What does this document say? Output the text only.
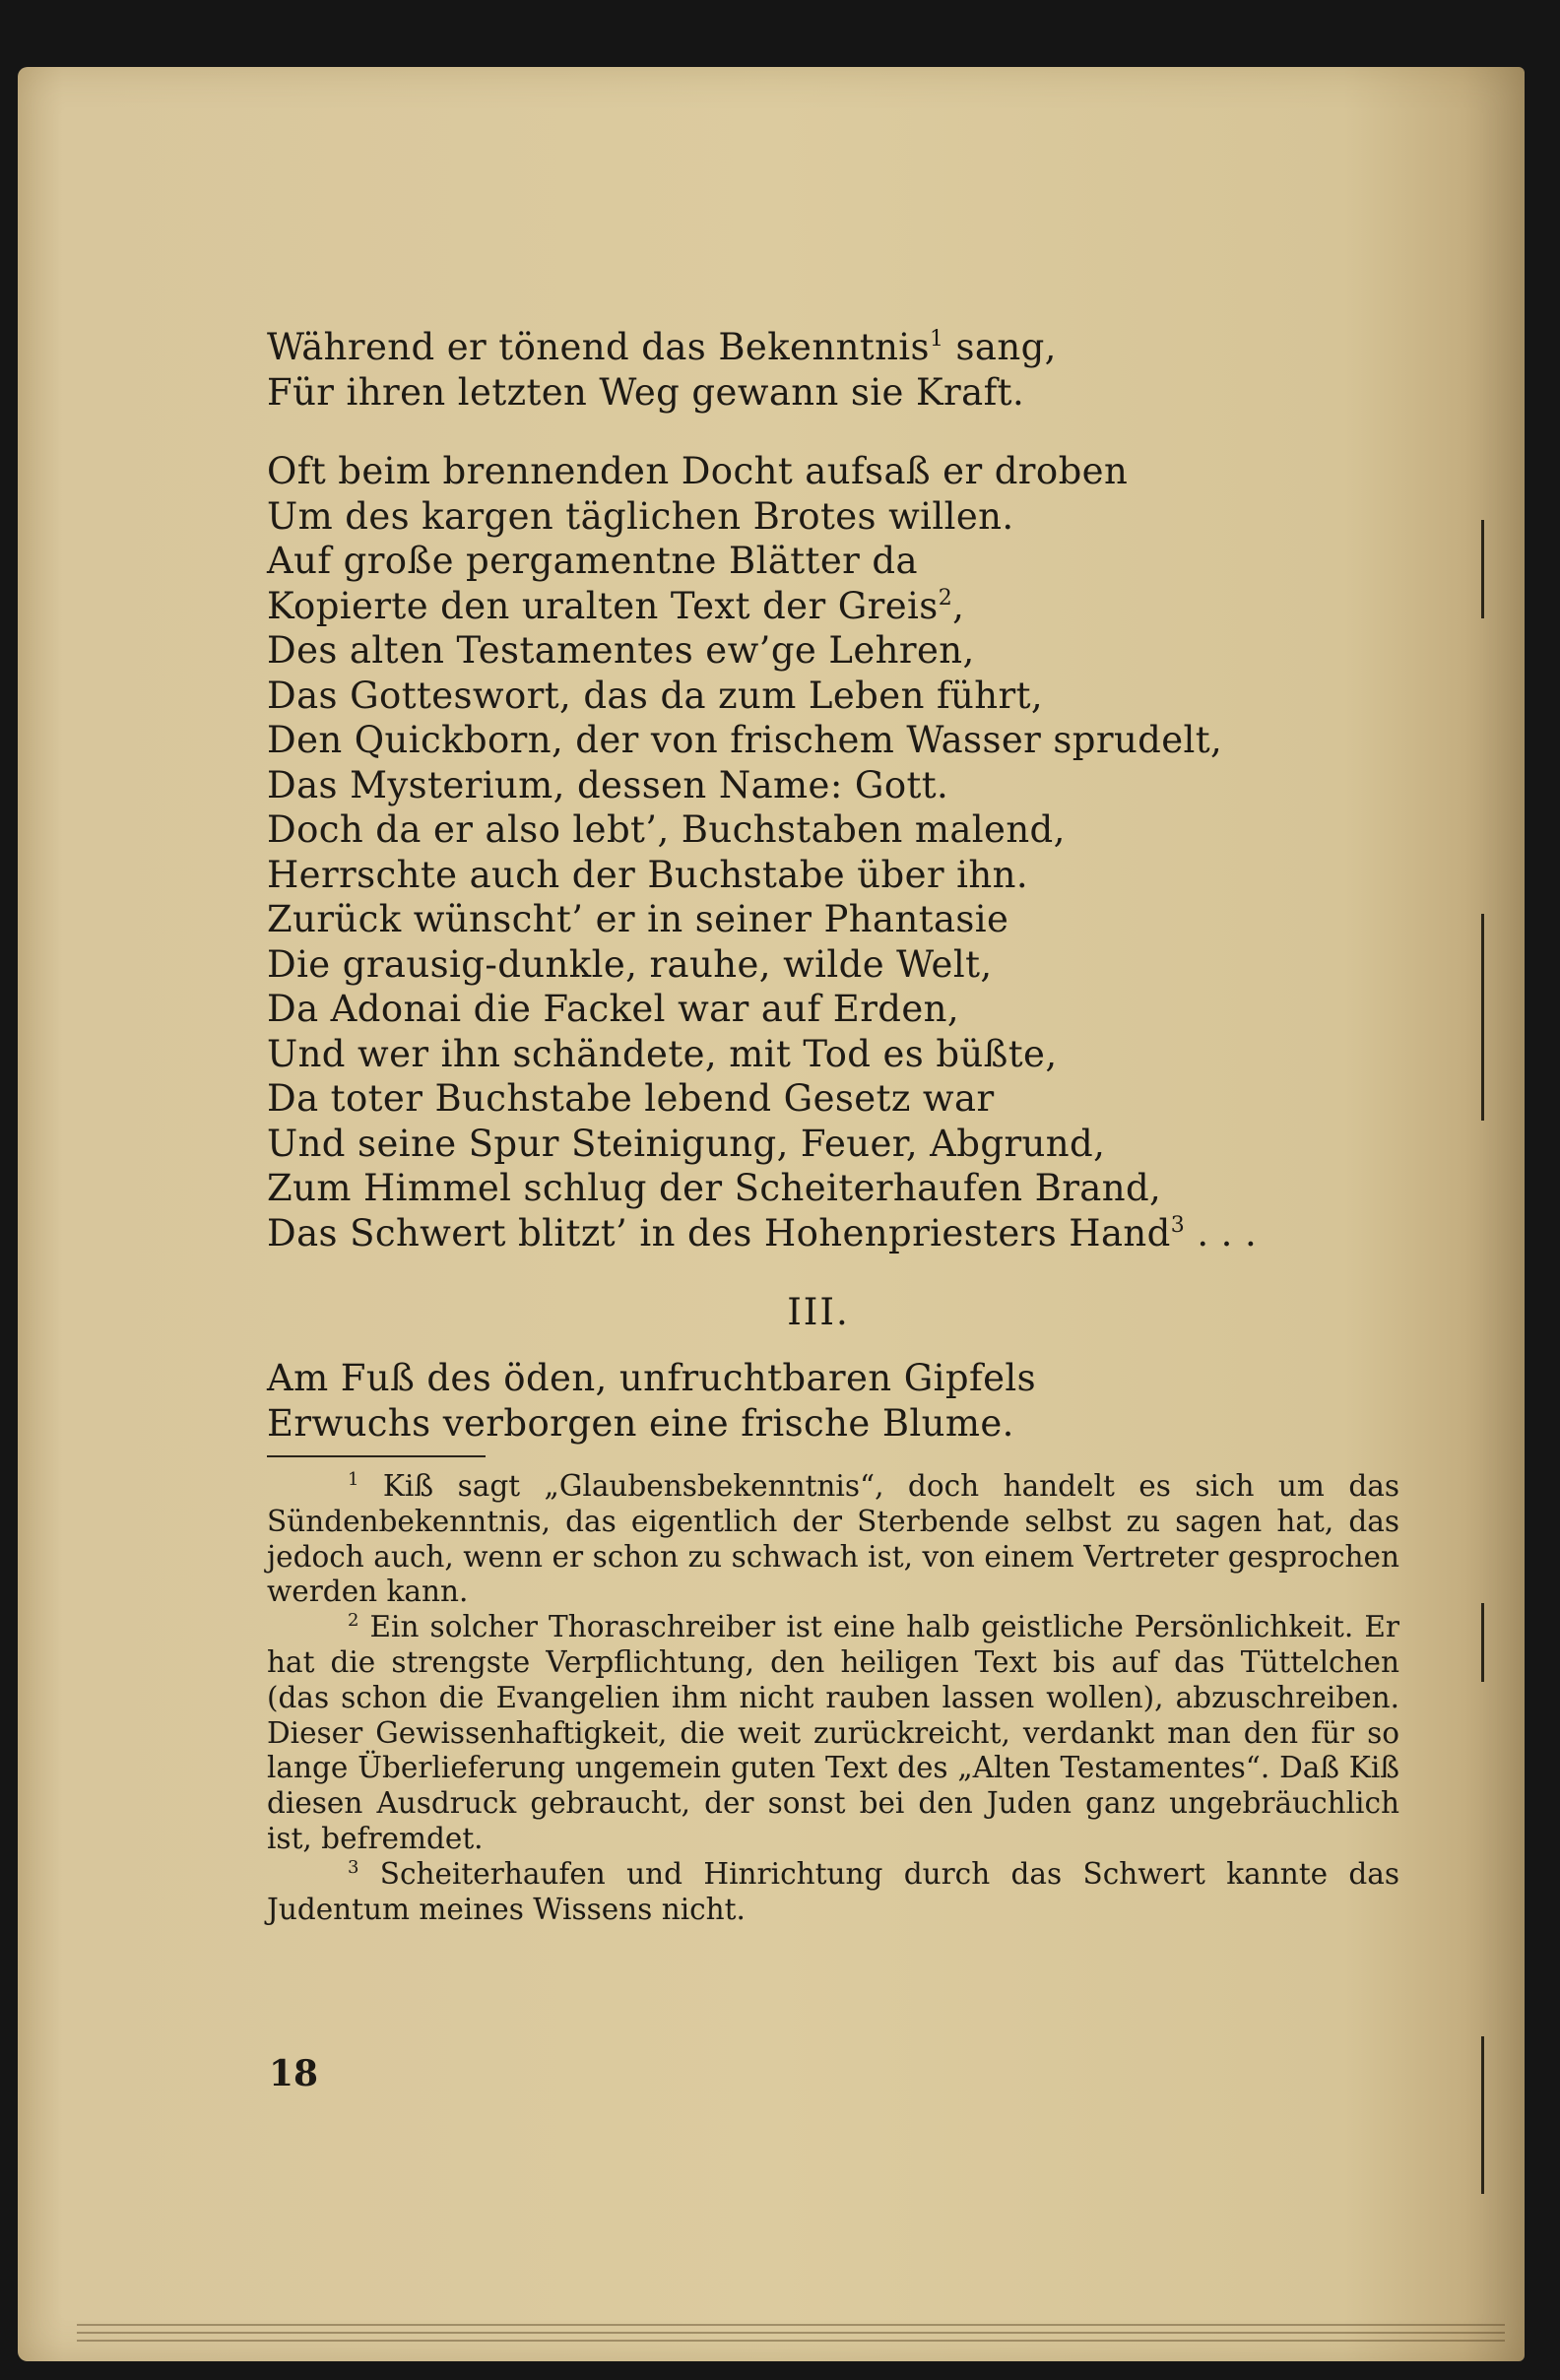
Während er tönend das Bekenntnis$^1$ sang,
Für ihren letzten Weg gewann sie Kraft.
Oft beim brennenden Docht aufsaß er droben
Um des kargen täglichen Brotes willen.
Auf große pergamentne Blätter da
Kopierte den uralten Text der Greis$^2$,
Des alten Testamentes ew’ge Lehren,
Das Gotteswort, das da zum Leben führt,
Den Quickborn, der von frischem Wasser sprudelt,
Das Mysterium, dessen Name: Gott.
Doch da er also lebt’, Buchstaben malend,
Herrschte auch der Buchstabe über ihn.
Zurück wünscht’ er in seiner Phantasie
Die grausig-dunkle, rauhe, wilde Welt,
Da Adonai die Fackel war auf Erden,
Und wer ihn schändete, mit Tod es büßte,
Da toter Buchstabe lebend Gesetz war
Und seine Spur Steinigung, Feuer, Abgrund,
Zum Himmel schlug der Scheiterhaufen Brand,
Das Schwert blitzt’ in des Hohenpriesters Hand$^3$ . . .
III.
Am Fuß des öden, unfruchtbaren Gipfels
Erwuchs verborgen eine frische Blume.
$^1$ Kiß sagt „Glaubensbekenntnis“, doch handelt es sich um das Sündenbekenntnis, das eigentlich der Sterbende selbst zu sagen hat, das jedoch auch, wenn er schon zu schwach ist, von einem Vertreter gesprochen werden kann.
$^2$ Ein solcher Thoraschreiber ist eine halb geistliche Persönlichkeit. Er hat die strengste Verpflichtung, den heiligen Text bis auf das Tüttelchen (das schon die Evangelien ihm nicht rauben lassen wollen), abzuschreiben. Dieser Gewissenhaftigkeit, die weit zurückreicht, verdankt man den für so lange Überlieferung ungemein guten Text des „Alten Testamentes“. Daß Kiß diesen Ausdruck gebraucht, der sonst bei den Juden ganz ungebräuchlich ist, befremdet.
$^3$ Scheiterhaufen und Hinrichtung durch das Schwert kannte das Judentum meines Wissens nicht.
18
